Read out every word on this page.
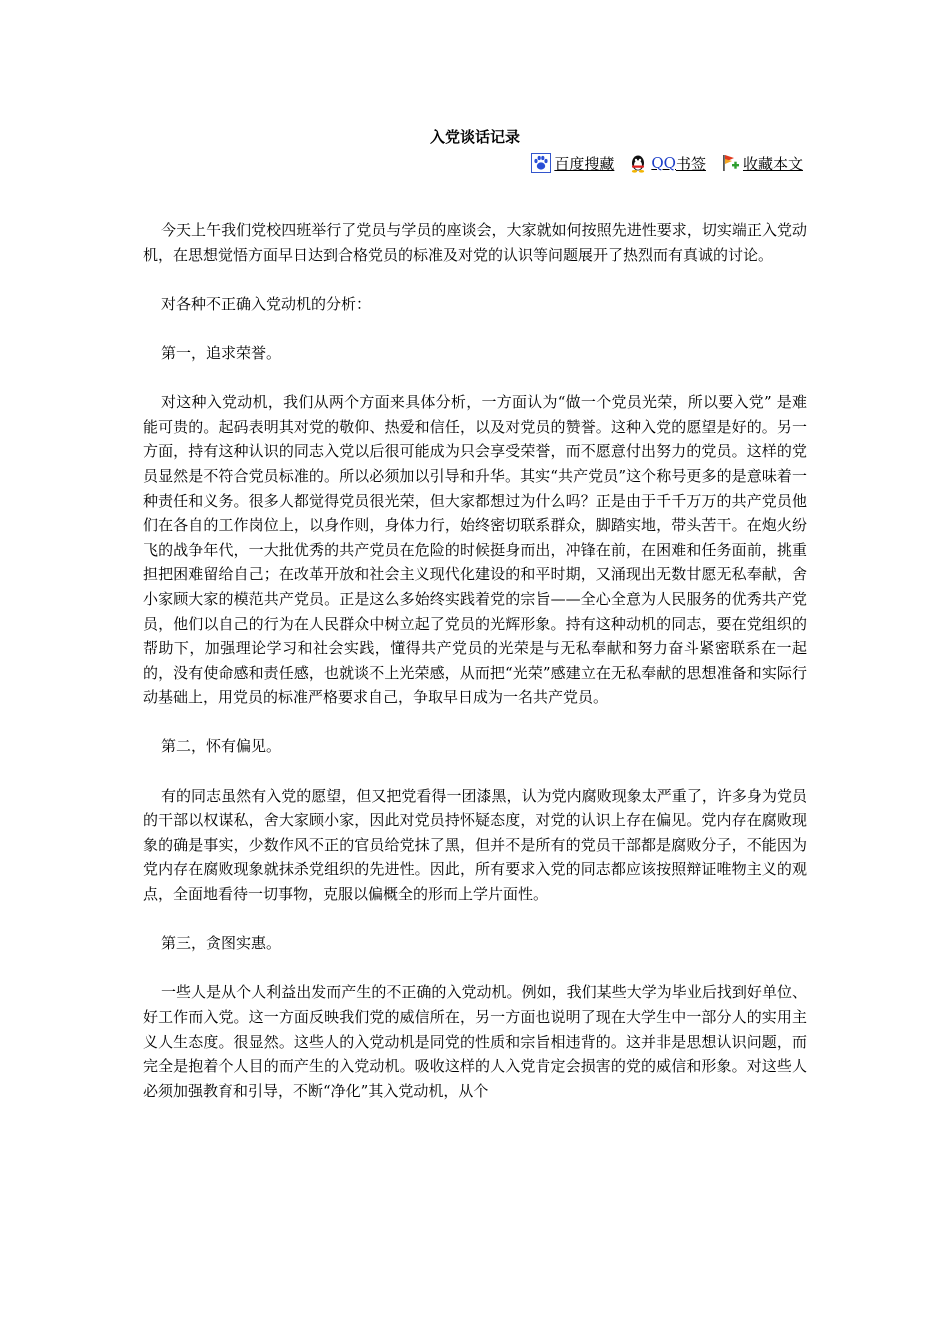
入党谈话记录
百度搜藏 QQ 书签 收藏本文

今天上午我们党校四班举行了党员与学员的座谈会，大家就如何按照先进性要求，切实端正入党动机，在思想觉悟方面早日达到合格党员的标准及对党的认识等问题展开了热烈而有真诚的讨论。

对各种不正确入党动机的分析：

第一，追求荣誉。

对这种入党动机，我们从两个方面来具体分析，一方面认为“做一个党员光荣，所以要入党” 是难能可贵的。起码表明其对党的敬仰、热爱和信任，以及对党员的赞誉。这种入党的愿望是好的。另一方面，持有这种认识的同志入党以后很可能成为只会享受荣誉，而不愿意付出努力的党员。这样的党员显然是不符合党员标准的。所以必须加以引导和升华。其实“共产党员”这个称号更多的是意味着一种责任和义务。很多人都觉得党员很光荣，但大家都想过为什么吗？正是由于千千万万的共产党员他们在各自的工作岗位上，以身作则，身体力行，始终密切联系群众，脚踏实地，带头苦干。在炮火纷飞的战争年代，一大批优秀的共产党员在危险的时候挺身而出，冲锋在前，在困难和任务面前，挑重担把困难留给自己；在改革开放和社会主义现代化建设的和平时期，又涌现出无数甘愿无私奉献，舍小家顾大家的模范共产党员。正是这么多始终实践着党的宗旨——全心全意为人民服务的优秀共产党员，他们以自己的行为在人民群众中树立起了党员的光辉形象。持有这种动机的同志，要在党组织的帮助下，加强理论学习和社会实践，懂得共产党员的光荣是与无私奉献和努力奋斗紧密联系在一起的，没有使命感和责任感，也就谈不上光荣感，从而把“光荣”感建立在无私奉献的思想准备和实际行动基础上，用党员的标准严格要求自己，争取早日成为一名共产党员。

第二，怀有偏见。

有的同志虽然有入党的愿望，但又把党看得一团漆黑，认为党内腐败现象太严重了，许多身为党员的干部以权谋私，舍大家顾小家，因此对党员持怀疑态度，对党的认识上存在偏见。党内存在腐败现象的确是事实，少数作风不正的官员给党抹了黑，但并不是所有的党员干部都是腐败分子，不能因为党内存在腐败现象就抹杀党组织的先进性。因此，所有要求入党的同志都应该按照辩证唯物主义的观点，全面地看待一切事物，克服以偏概全的形而上学片面性。

第三，贪图实惠。

一些人是从个人利益出发而产生的不正确的入党动机。例如，我们某些大学为毕业后找到好单位、好工作而入党。这一方面反映我们党的威信所在，另一方面也说明了现在大学生中一部分人的实用主义人生态度。很显然。这些人的入党动机是同党的性质和宗旨相违背的。这并非是思想认识问题，而完全是抱着个人目的而产生的入党动机。吸收这样的人入党肯定会损害的党的威信和形象。对这些人必须加强教育和引导，不断“净化”其入党动机，从个
